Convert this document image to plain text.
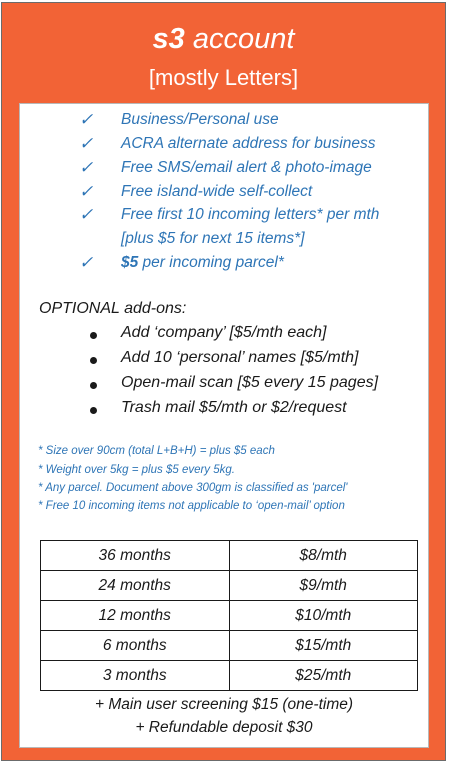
s3 account
[mostly Letters]
✓ Business/Personal use
✓ ACRA alternate address for business
✓ Free SMS/email alert & photo-image
✓ Free island-wide self-collect
✓ Free first 10 incoming letters* per mth
[plus $5 for next 15 items*]
✓ $5 per incoming parcel*
OPTIONAL add-ons:
Add ‘company’ [$5/mth each]
Add 10 ‘personal’ names [$5/mth]
Open-mail scan [$5 every 15 pages]
Trash mail $5/mth or $2/request
* Size over 90cm (total L+B+H) = plus $5 each
* Weight over 5kg = plus $5 every 5kg.
* Any parcel. Document above 300gm is classified as 'parcel'
* Free 10 incoming items not applicable to ‘open-mail’ option
36 months	$8/mth
24 months	$9/mth
12 months	$10/mth
6 months	$15/mth
3 months	$25/mth
+ Main user screening $15 (one-time)
+ Refundable deposit $30
